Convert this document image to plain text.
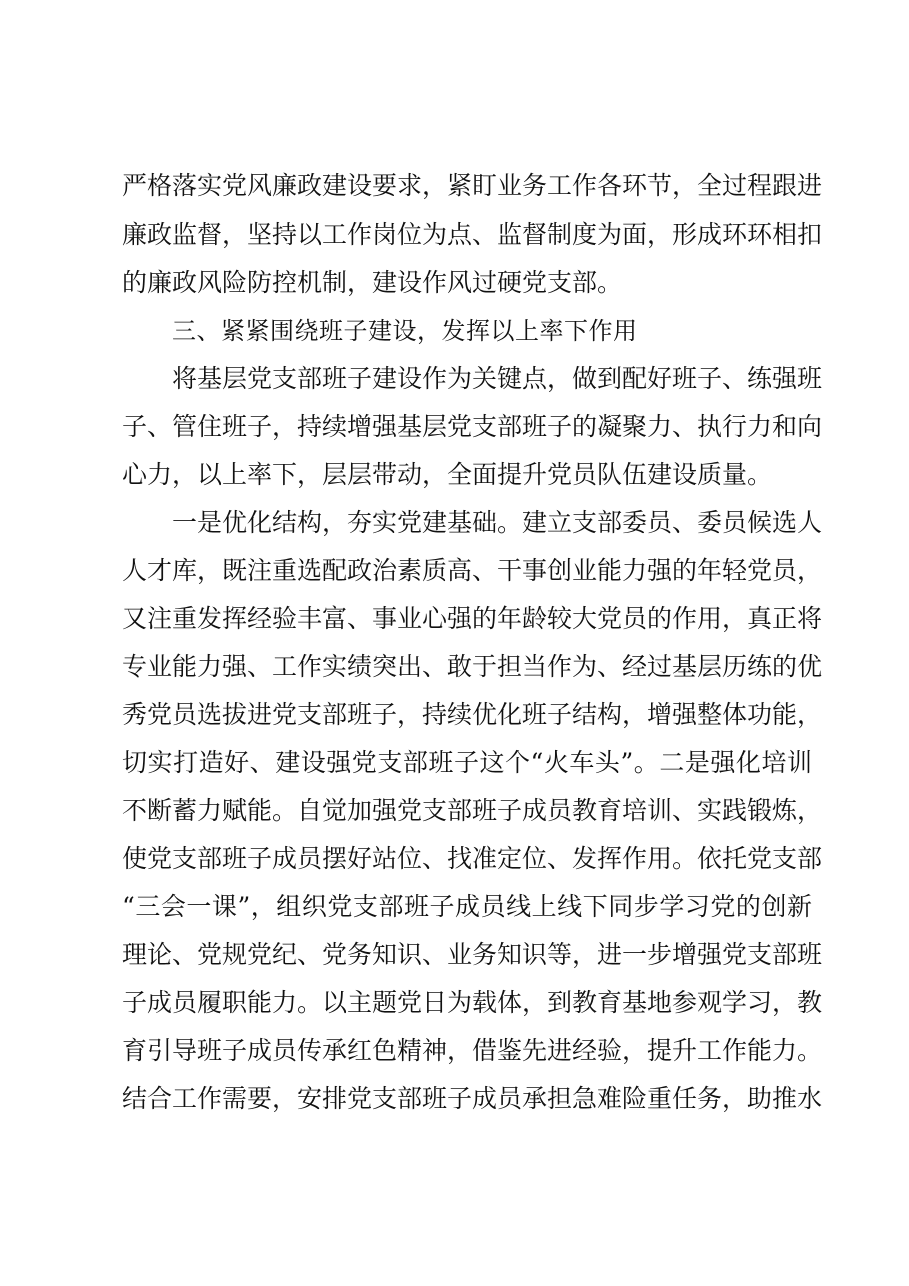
严格落实党风廉政建设要求，紧盯业务工作各环节，全过程跟进
廉政监督，坚持以工作岗位为点、监督制度为面，形成环环相扣
的廉政风险防控机制，建设作风过硬党支部。
三、紧紧围绕班子建设，发挥以上率下作用
将基层党支部班子建设作为关键点，做到配好班子、练强班
子、管住班子，持续增强基层党支部班子的凝聚力、执行力和向
心力，以上率下，层层带动，全面提升党员队伍建设质量。
一是优化结构，夯实党建基础。建立支部委员、委员候选人
人才库，既注重选配政治素质高、干事创业能力强的年轻党员，
又注重发挥经验丰富、事业心强的年龄较大党员的作用，真正将
专业能力强、工作实绩突出、敢于担当作为、经过基层历练的优
秀党员选拔进党支部班子，持续优化班子结构，增强整体功能，
切实打造好、建设强党支部班子这个“火车头”。二是强化培训
不断蓄力赋能。自觉加强党支部班子成员教育培训、实践锻炼，
使党支部班子成员摆好站位、找准定位、发挥作用。依托党支部
“三会一课”，组织党支部班子成员线上线下同步学习党的创新
理论、党规党纪、党务知识、业务知识等，进一步增强党支部班
子成员履职能力。以主题党日为载体，到教育基地参观学习，教
育引导班子成员传承红色精神，借鉴先进经验，提升工作能力。
结合工作需要，安排党支部班子成员承担急难险重任务，助推水
